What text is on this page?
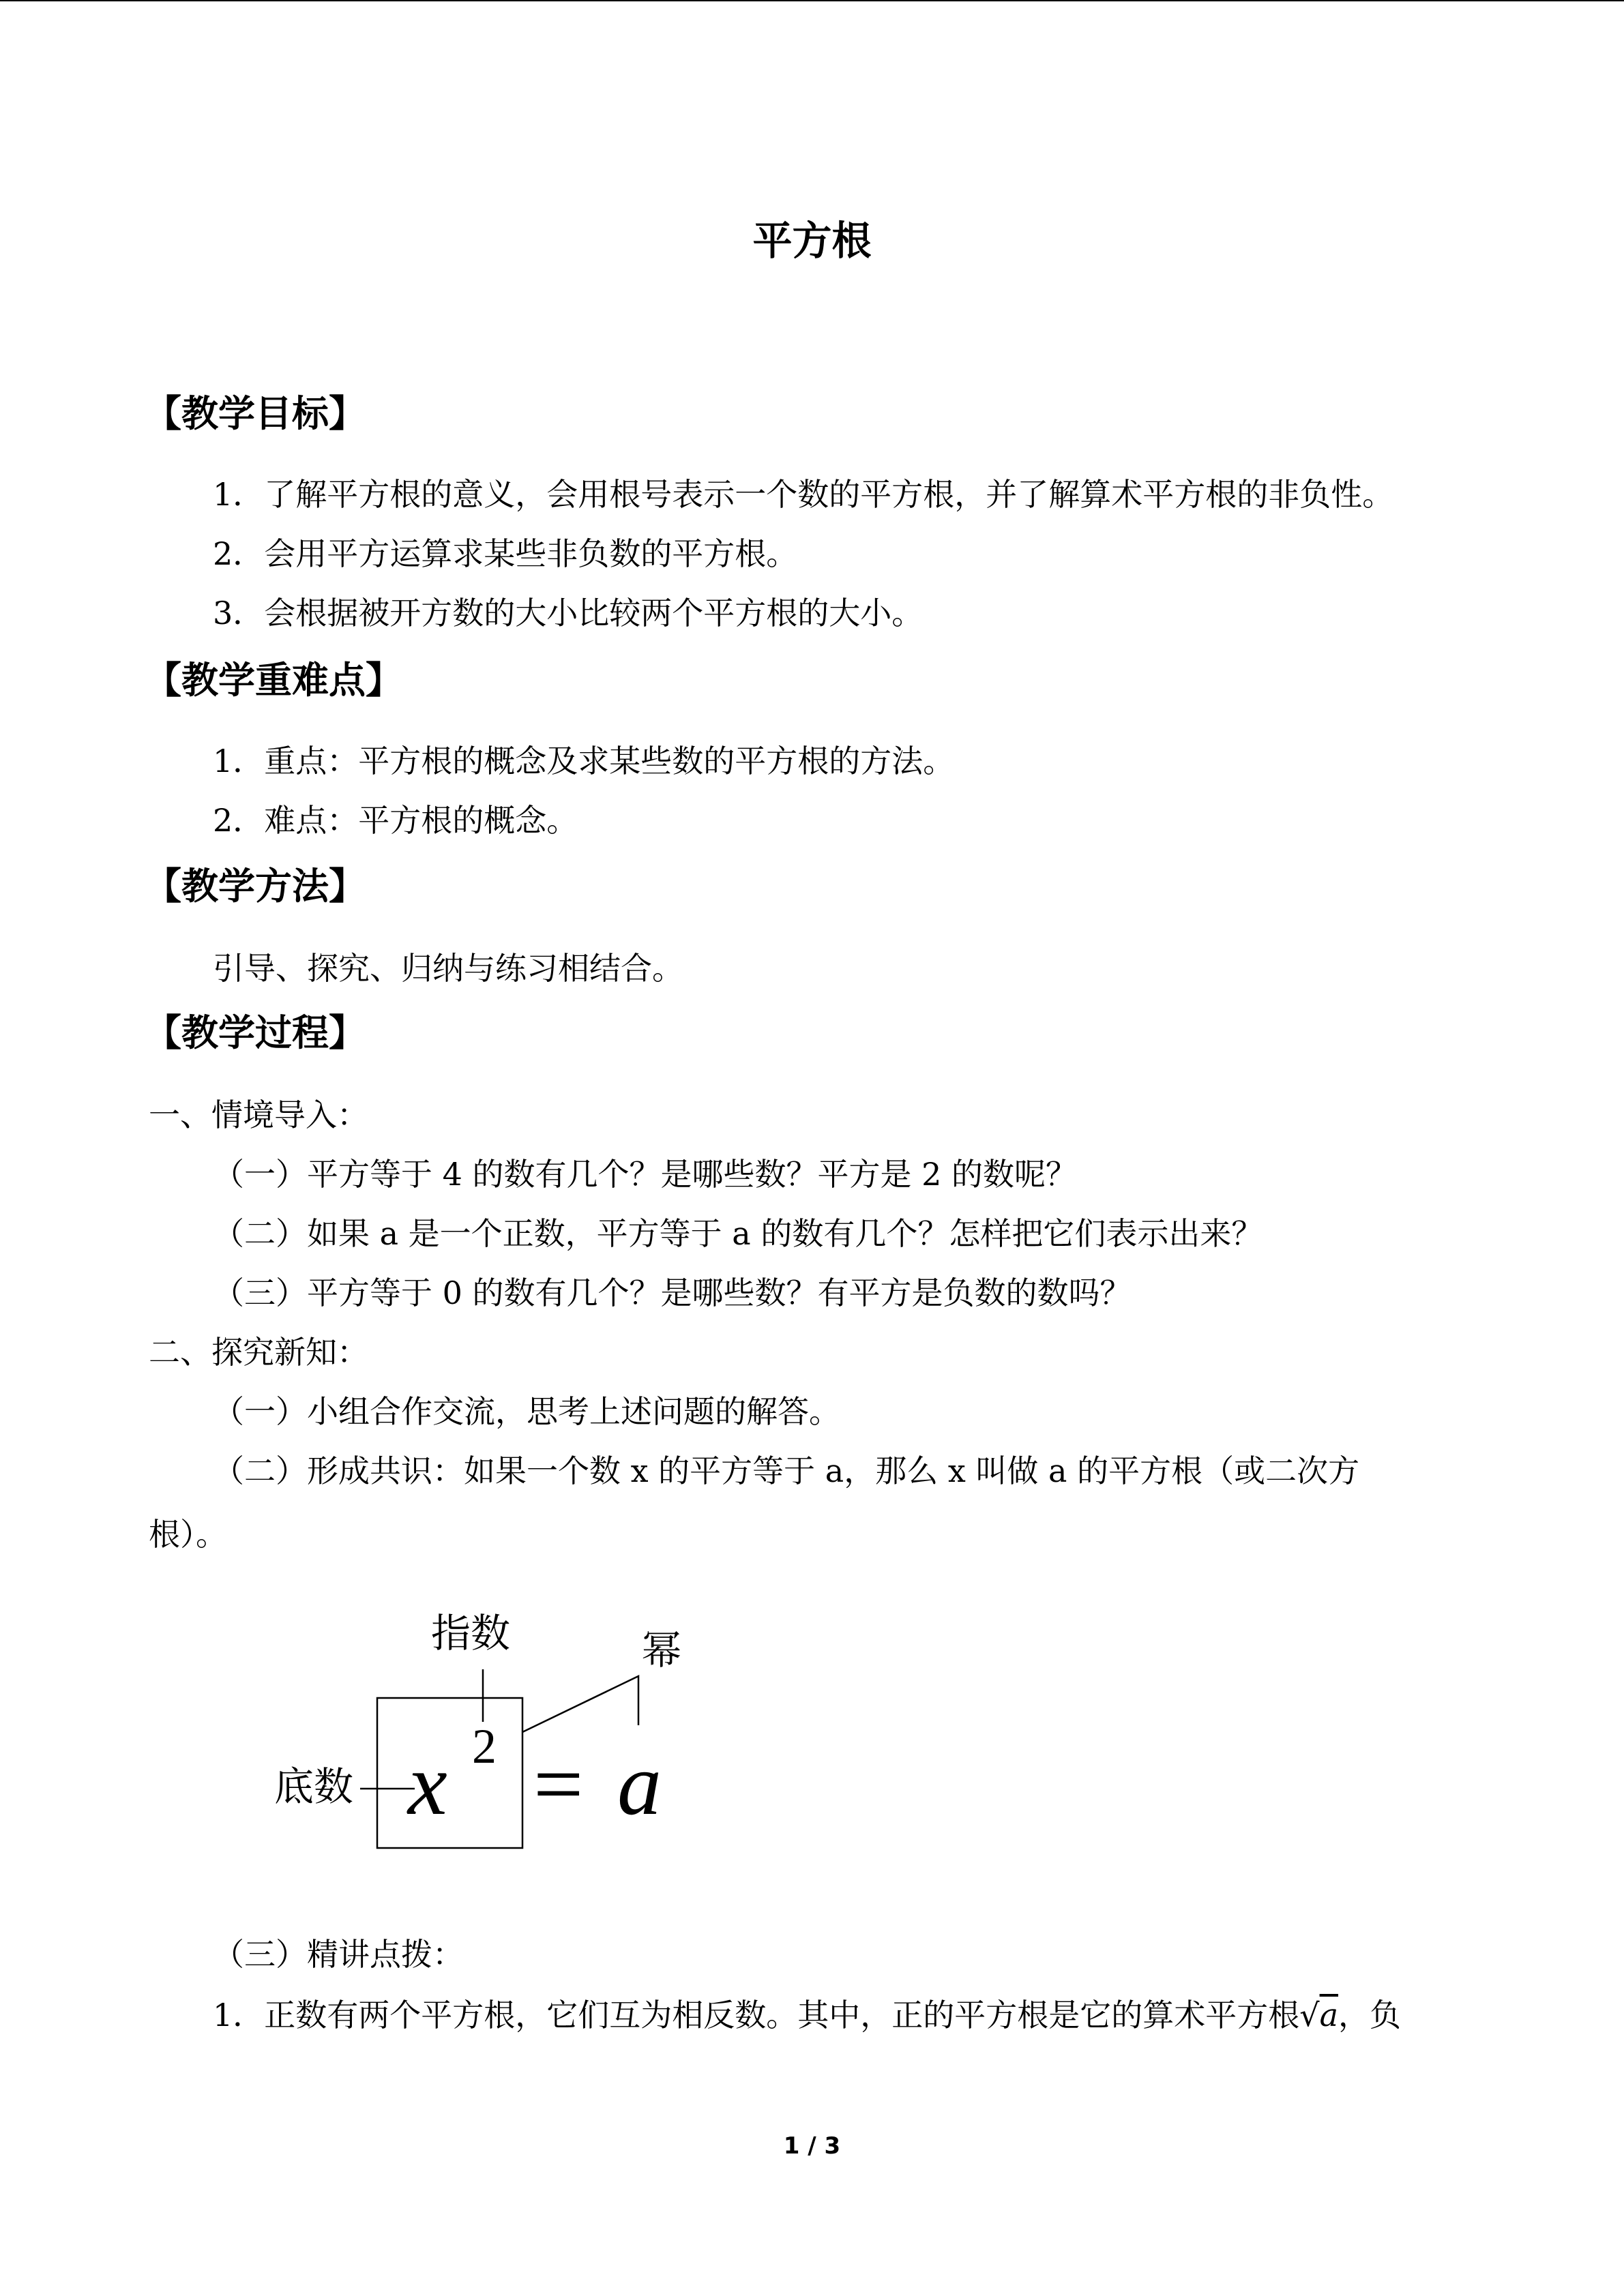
平方根
【教学目标】
1．了解平方根的意义，会用根号表示一个数的平方根，并了解算术平方根的非负性。
2．会用平方运算求某些非负数的平方根。
3．会根据被开方数的大小比较两个平方根的大小。
【教学重难点】
1．重点：平方根的概念及求某些数的平方根的方法。
2．难点：平方根的概念。
【教学方法】
引导、探究、归纳与练习相结合。
【教学过程】
一、情境导入：
（一）平方等于 4 的数有几个？是哪些数？平方是 2 的数呢？
（二）如果 a 是一个正数，平方等于 a 的数有几个？怎样把它们表示出来？
（三）平方等于 0 的数有几个？是哪些数？有平方是负数的数吗？
二、探究新知：
（一）小组合作交流，思考上述问题的解答。
（二）形成共识：如果一个数 x 的平方等于 a，那么 x 叫做 a 的平方根（或二次方
根）。
指数	幂
底数 x 2 = a
（三）精讲点拨：
1．正数有两个平方根，它们互为相反数。其中，正的平方根是它的算术平方根√a，负
1 / 3
